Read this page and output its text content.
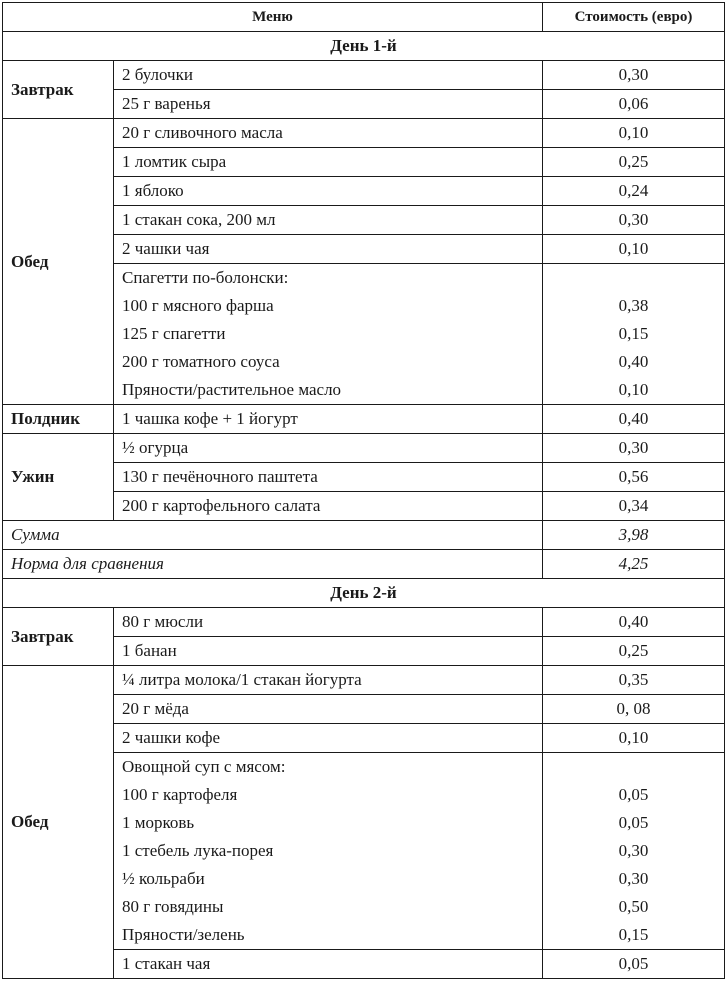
Меню		Стоимость (евро)
День 1-й		
Завтрак	2 булочки	0,30
	25 г варенья	0,06
Обед	20 г сливочного масла	0,10
	1 ломтик сыра	0,25
	1 яблоко	0,24
	1 стакан сока, 200 мл	0,30
	2 чашки чая	0,10
	Спагетти по-болонски:	
	100 г мясного фарша	0,38
	125 г спагетти	0,15
	200 г томатного соуса	0,40
	Пряности/растительное масло	0,10
Полдник	1 чашка кофе + 1 йогурт	0,40
Ужин	½ огурца	0,30
	130 г печёночного паштета	0,56
	200 г картофельного салата	0,34
Сумма		3,98
Норма для сравнения		4,25
День 2-й		
Завтрак	80 г мюсли	0,40
	1 банан	0,25
Обед	¼ литра молока/1 стакан йогурта	0,35
	20 г мёда	0, 08
	2 чашки кофе	0,10
	Овощной суп с мясом:	
	100 г картофеля	0,05
	1 морковь	0,05
	1 стебель лука-порея	0,30
	½ кольраби	0,30
	80 г говядины	0,50
	Пряности/зелень	0,15
	1 стакан чая	0,05
